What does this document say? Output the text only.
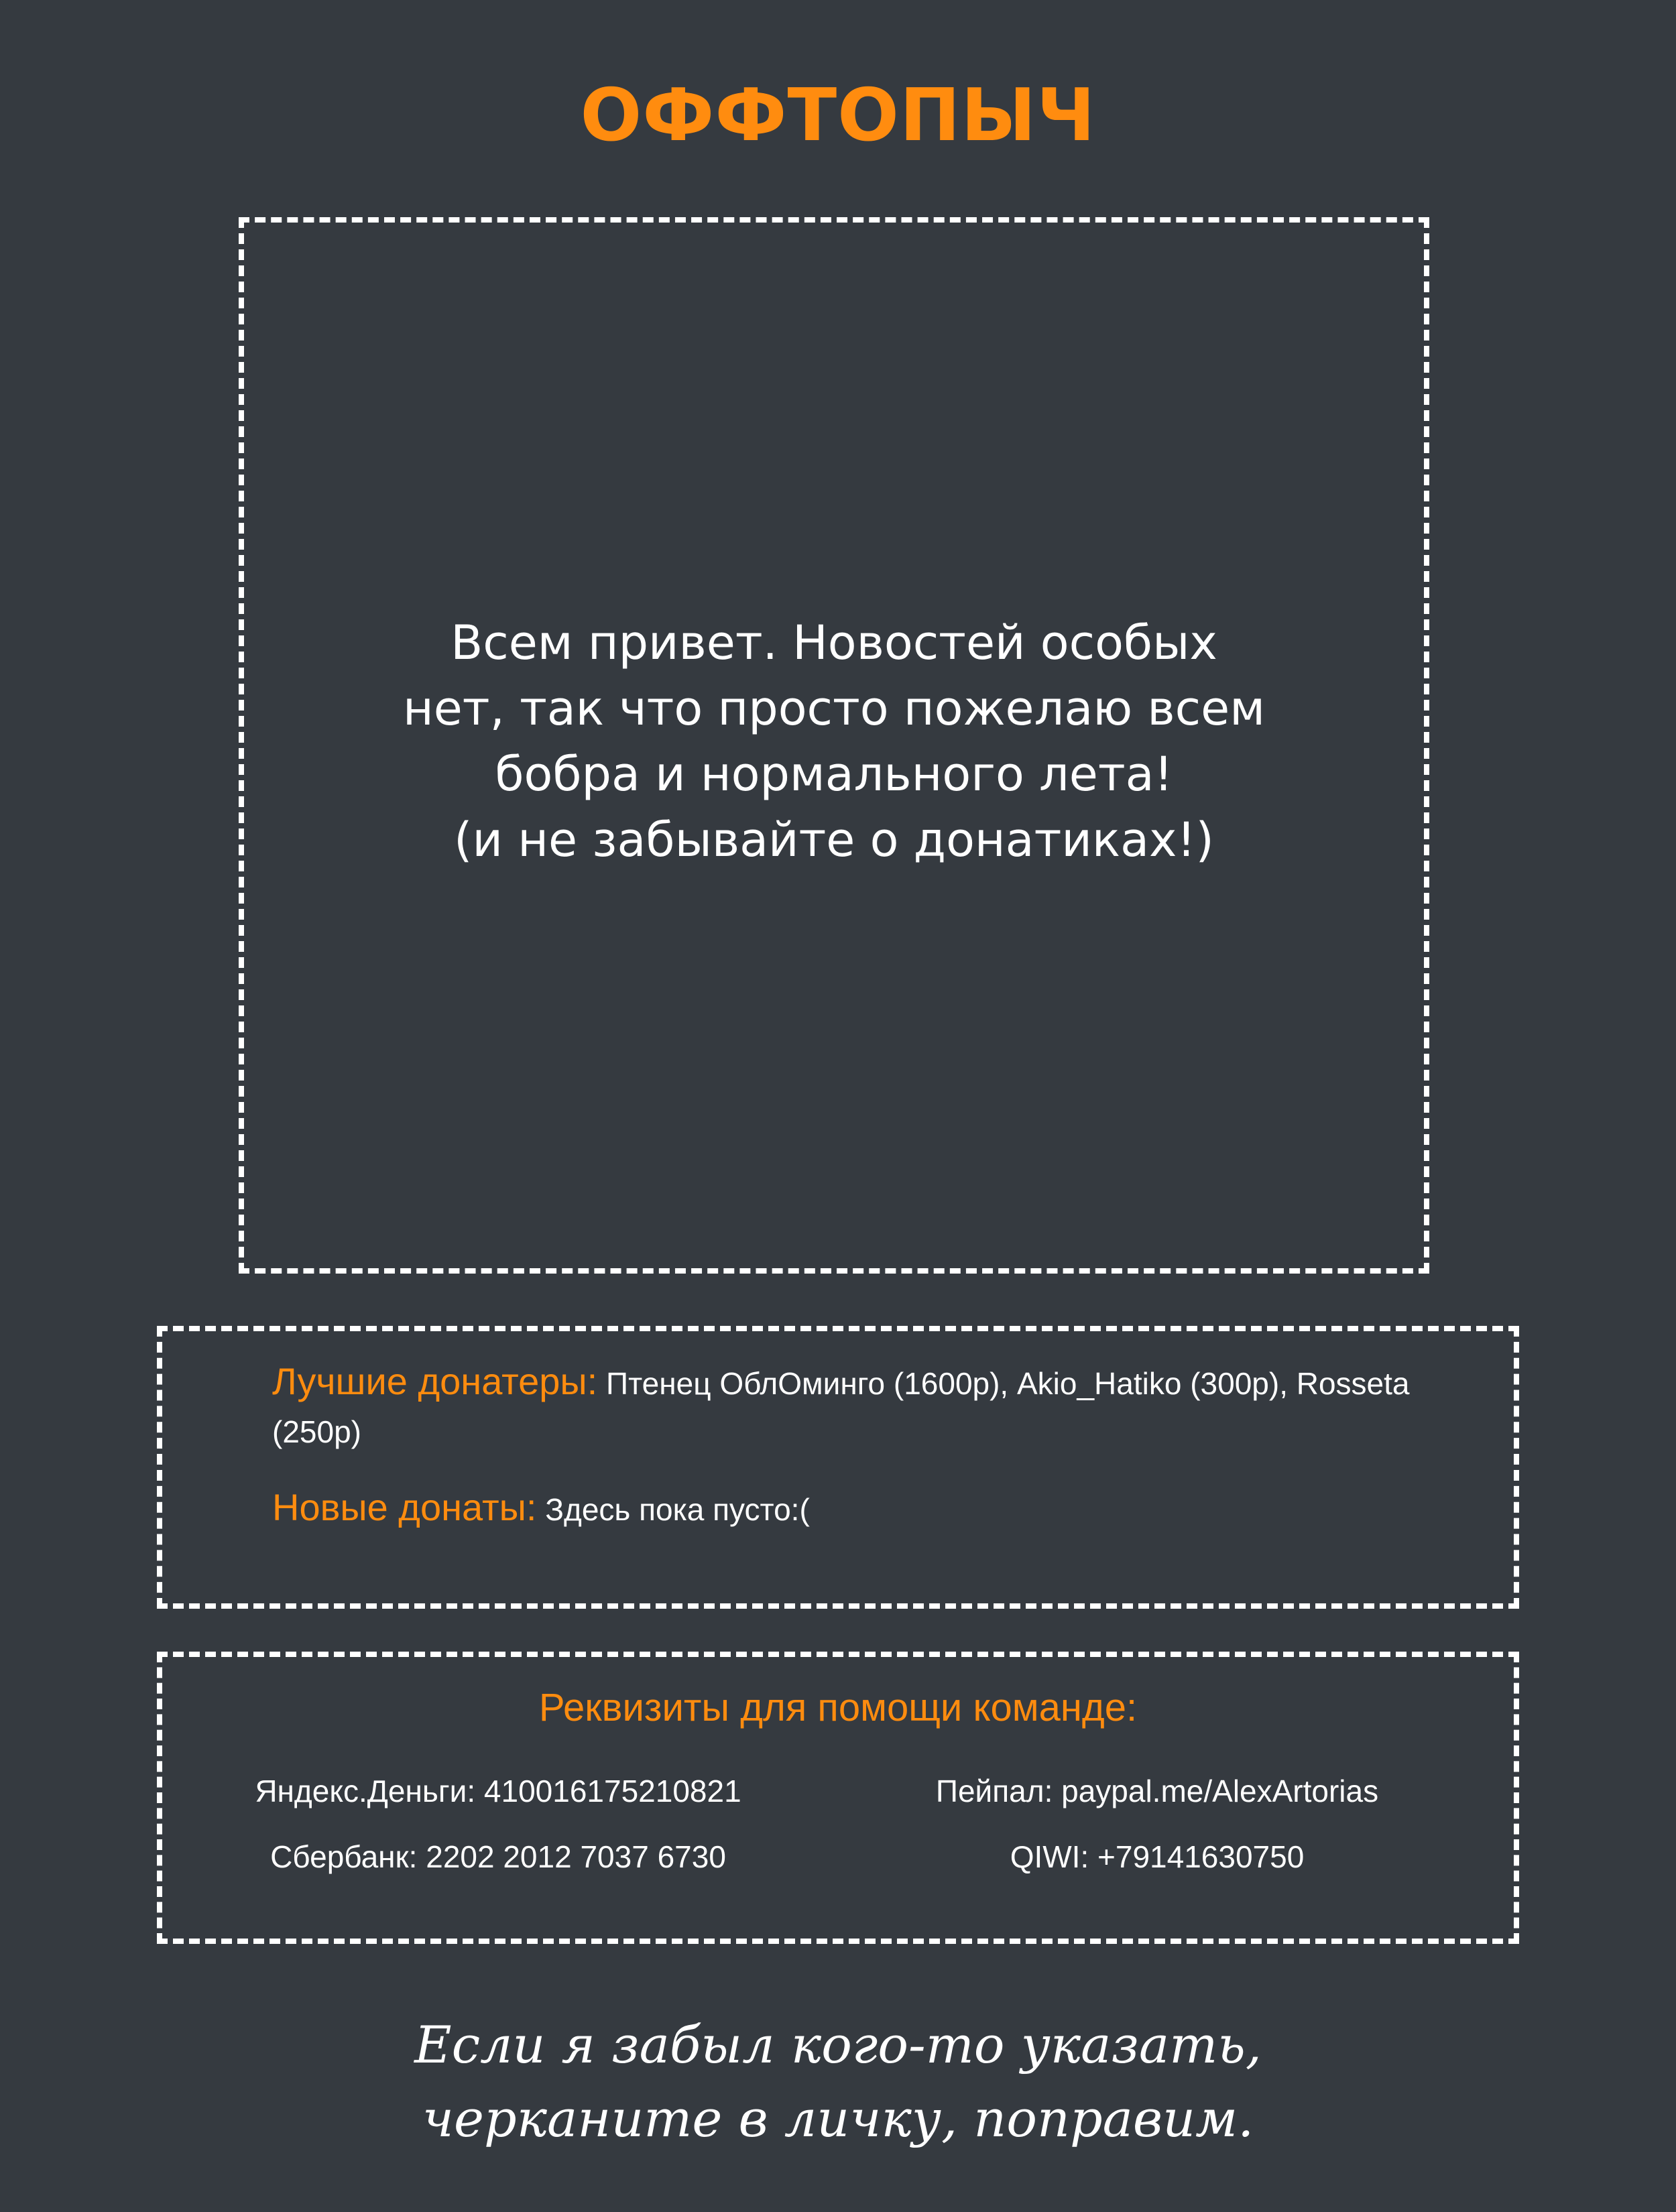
ОФФТОПЫЧ
Всем привет. Новостей особых
нет, так что просто пожелаю всем
бобра и нормального лета!
(и не забывайте о донатиках!)
Лучшие донатеры: Птенец ОблОминго (1600р), Akio_Hatiko (300р), Rosseta (250р)
Новые донаты: Здесь пока пусто:(
Реквизиты для помощи команде:
Яндекс.Деньги: 410016175210821	Пейпал: paypal.me/AlexArtorias
Сбербанк: 2202 2012 7037 6730	QIWI: +79141630750
Если я забыл кого-то указать,
черканите в личку, поправим.
